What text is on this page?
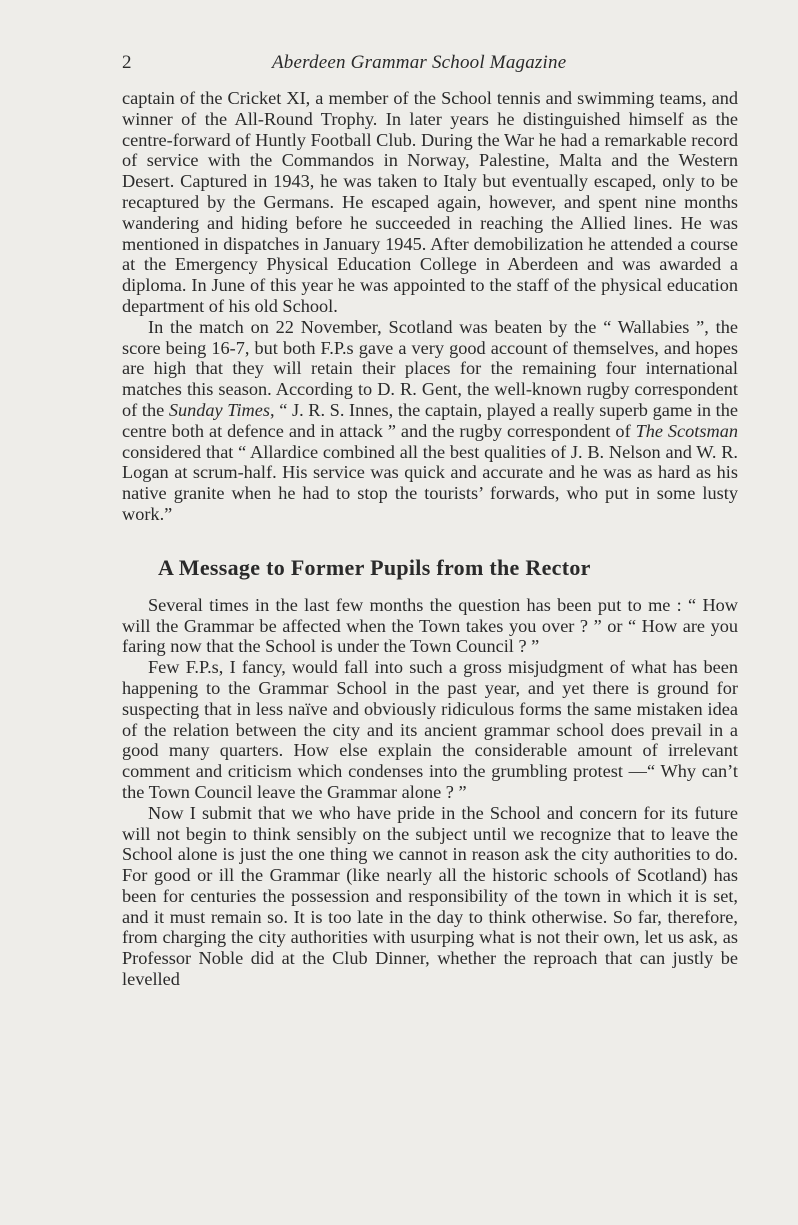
2	Aberdeen Grammar School Magazine

captain of the Cricket XI, a member of the School tennis and swimming teams, and winner of the All-Round Trophy. In later years he distinguished himself as the centre-forward of Huntly Football Club. During the War he had a remarkable record of service with the Commandos in Norway, Palestine, Malta and the Western Desert. Captured in 1943, he was taken to Italy but eventually escaped, only to be recaptured by the Germans. He escaped again, however, and spent nine months wandering and hiding before he succeeded in reaching the Allied lines. He was mentioned in dispatches in January 1945. After demobilization he attended a course at the Emergency Physical Education College in Aberdeen and was awarded a diploma. In June of this year he was appointed to the staff of the physical education department of his old School.

In the match on 22 November, Scotland was beaten by the “ Wallabies ”, the score being 16-7, but both F.P.s gave a very good account of themselves, and hopes are high that they will retain their places for the remaining four international matches this season. According to D. R. Gent, the well-known rugby correspondent of the Sunday Times, “ J. R. S. Innes, the captain, played a really superb game in the centre both at defence and in attack ” and the rugby correspondent of The Scotsman considered that “ Allardice combined all the best qualities of J. B. Nelson and W. R. Logan at scrum-half. His service was quick and accurate and he was as hard as his native granite when he had to stop the tourists’ forwards, who put in some lusty work.”

A Message to Former Pupils from the Rector

Several times in the last few months the question has been put to me : “ How will the Grammar be affected when the Town takes you over ? ” or “ How are you faring now that the School is under the Town Council ? ”

Few F.P.s, I fancy, would fall into such a gross misjudgment of what has been happening to the Grammar School in the past year, and yet there is ground for suspecting that in less naïve and obviously ridiculous forms the same mistaken idea of the relation between the city and its ancient grammar school does prevail in a good many quarters. How else explain the considerable amount of irrelevant comment and criticism which condenses into the grumbling protest —“ Why can’t the Town Council leave the Grammar alone ? ”

Now I submit that we who have pride in the School and concern for its future will not begin to think sensibly on the subject until we recognize that to leave the School alone is just the one thing we cannot in reason ask the city authorities to do. For good or ill the Grammar (like nearly all the historic schools of Scotland) has been for centuries the possession and responsibility of the town in which it is set, and it must remain so. It is too late in the day to think otherwise. So far, therefore, from charging the city authorities with usurping what is not their own, let us ask, as Professor Noble did at the Club Dinner, whether the reproach that can justly be levelled
